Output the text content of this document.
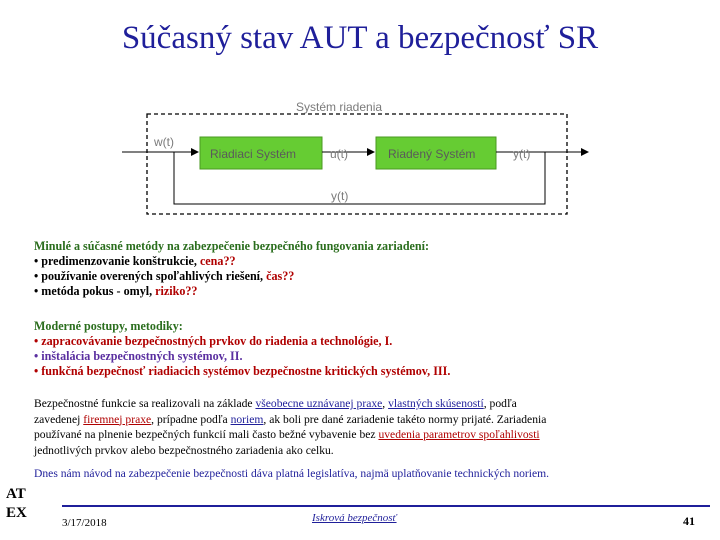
Súčasný stav AUT a bezpečnosť SR
Systém riadenia
Riadiaci Systém	Riadený Systém
w(t)
u(t)	y(t)
y(t)
Minulé a súčasné metódy na zabezpečenie bezpečného fungovania zariadení:
• predimenzovanie konštrukcie, cena??
• používanie overených spoľahlivých riešení, čas??
• metóda pokus - omyl, riziko??
Moderné postupy, metodiky:
• zapracovávanie bezpečnostných prvkov do riadenia a technológie, I.
• inštalácia bezpečnostných systémov, II.
• funkčná bezpečnosť riadiacich systémov bezpečnostne kritických systémov, III.
Bezpečnostné funkcie sa realizovali na základe všeobecne uznávanej praxe, vlastných skúseností, podľa
zavedenej firemnej praxe, prípadne podľa noriem, ak boli pre dané zariadenie takéto normy prijaté. Zariadenia
používané na plnenie bezpečných funkcií mali často bežné vybavenie bez uvedenia parametrov spoľahlivosti
jednotlivých prvkov alebo bezpečnostného zariadenia ako celku.
Dnes nám návod na zabezpečenie bezpečnosti dáva platná legislatíva, najmä uplatňovanie technických noriem.
AT
EX
3/17/2018	Iskrová bezpečnosť	41
